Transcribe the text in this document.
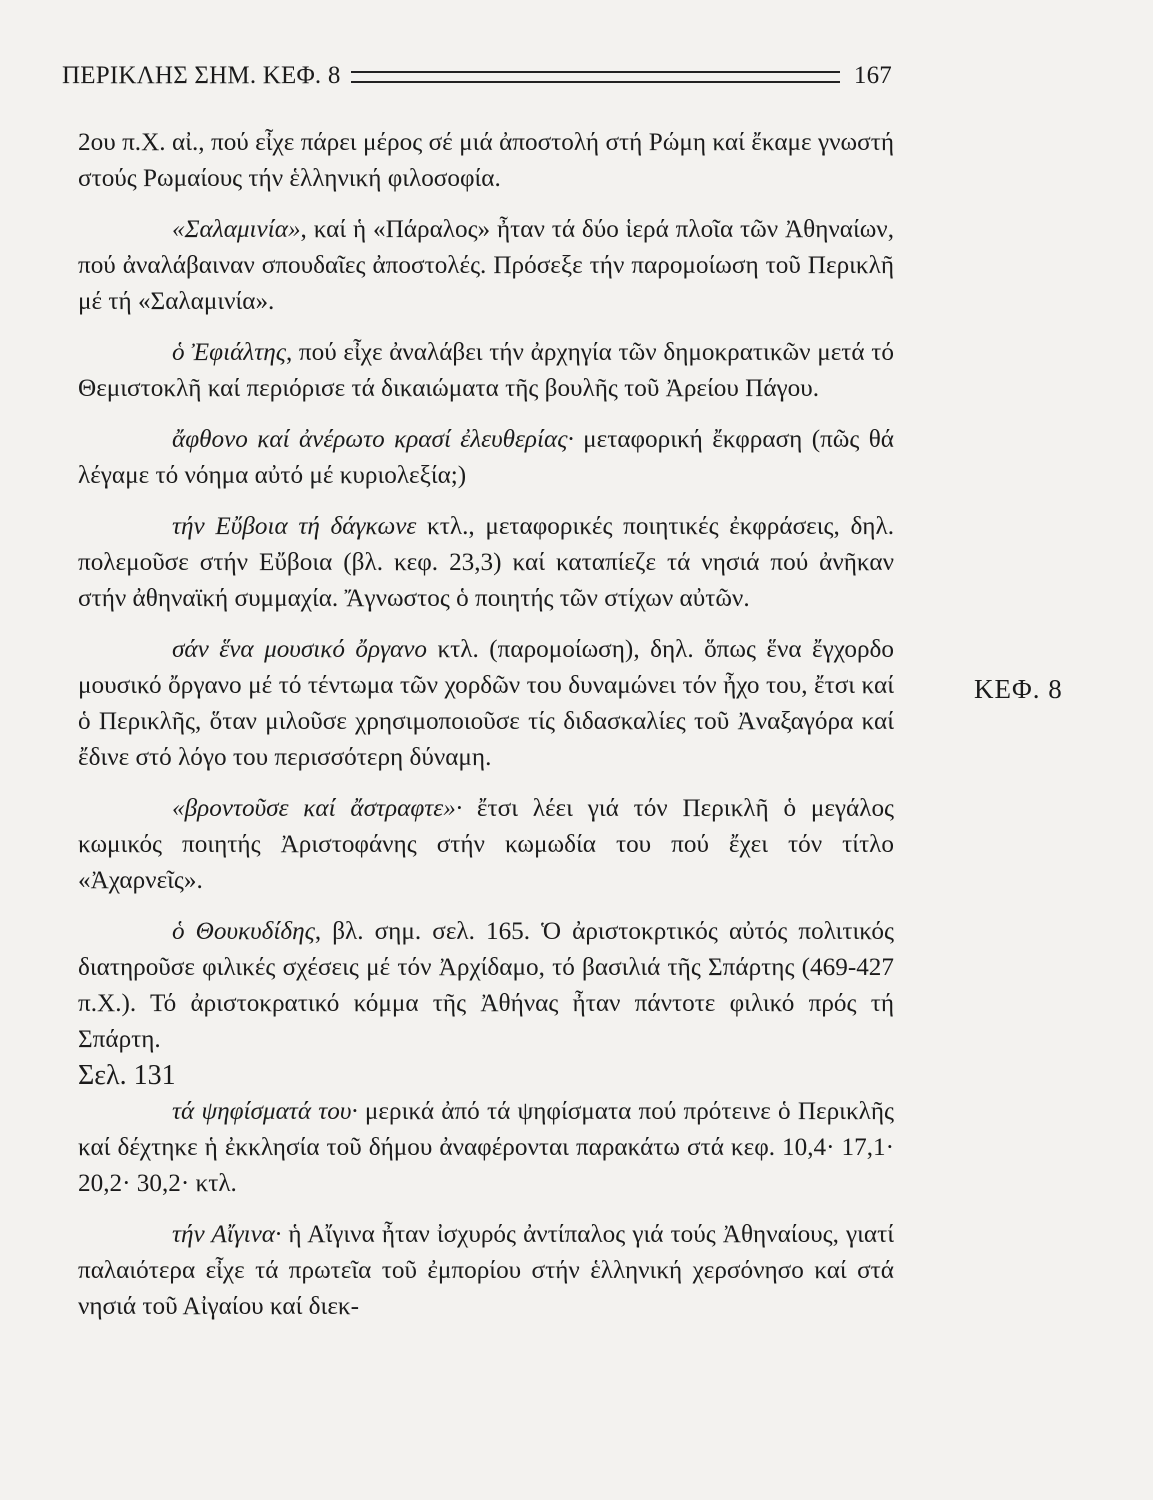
ΠΕΡΙΚΛΗΣ ΣΗΜ. ΚΕΦ. 8	167
ΚΕΦ. 8

2ου π.Χ. αἰ., πού εἶχε πάρει μέρος σέ μιά ἀποστολή στή Ρώμη καί ἔκαμε γνωστή στούς Ρωμαίους τήν ἑλληνική φιλοσοφία.

«Σαλαμινία», καί ἡ «Πάραλος» ἦταν τά δύο ἱερά πλοῖα τῶν Ἀθηναίων, πού ἀναλάβαιναν σπουδαῖες ἀποστολές. Πρόσεξε τήν παρομοίωση τοῦ Περικλῆ μέ τή «Σαλαμινία».

ὁ Ἐφιάλτης, πού εἶχε ἀναλάβει τήν ἀρχηγία τῶν δημοκρατικῶν μετά τό Θεμιστοκλῆ καί περιόρισε τά δικαιώματα τῆς βουλῆς τοῦ Ἀρείου Πάγου.

ἄφθονο καί ἀνέρωτο κρασί ἐλευθερίας· μεταφορική ἔκφραση (πῶς θά λέγαμε τό νόημα αὐτό μέ κυριολεξία;)

τήν Εὔβοια τή δάγκωνε κτλ., μεταφορικές ποιητικές ἐκφράσεις, δηλ. πολεμοῦσε στήν Εὔβοια (βλ. κεφ. 23,3) καί καταπίεζε τά νησιά πού ἀνῆκαν στήν ἀθηναϊκή συμμαχία. Ἄγνωστος ὁ ποιητής τῶν στίχων αὐτῶν.

σάν ἕνα μουσικό ὄργανο κτλ. (παρομοίωση), δηλ. ὅπως ἕνα ἔγχορδο μουσικό ὄργανο μέ τό τέντωμα τῶν χορδῶν του δυναμώνει τόν ἦχο του, ἔτσι καί ὁ Περικλῆς, ὅταν μιλοῦσε χρησιμοποιοῦσε τίς διδασκαλίες τοῦ Ἀναξαγόρα καί ἔδινε στό λόγο του περισσότερη δύναμη.

«βροντοῦσε καί ἄστραφτε»· ἔτσι λέει γιά τόν Περικλῆ ὁ μεγάλος κωμικός ποιητής Ἀριστοφάνης στήν κωμωδία του πού ἔχει τόν τίτλο «Ἀχαρνεῖς».

ὁ Θουκυδίδης, βλ. σημ. σελ. 165. Ὁ ἀριστοκρτικός αὐτός πολιτικός διατηροῦσε φιλικές σχέσεις μέ τόν Ἀρχίδαμο, τό βασιλιά τῆς Σπάρτης (469-427 π.Χ.). Τό ἀριστοκρατικό κόμμα τῆς Ἀθήνας ἦταν πάντοτε φιλικό πρός τή Σπάρτη.

Σελ. 131

τά ψηφίσματά του· μερικά ἀπό τά ψηφίσματα πού πρότεινε ὁ Περικλῆς καί δέχτηκε ἡ ἐκκλησία τοῦ δήμου ἀναφέρονται παρακάτω στά κεφ. 10,4· 17,1· 20,2· 30,2· κτλ.

τήν Αἴγινα· ἡ Αἴγινα ἦταν ἰσχυρός ἀντίπαλος γιά τούς Ἀθηναίους, γιατί παλαιότερα εἶχε τά πρωτεῖα τοῦ ἐμπορίου στήν ἑλληνική χερσόνησο καί στά νησιά τοῦ Αἰγαίου καί διεκ-
